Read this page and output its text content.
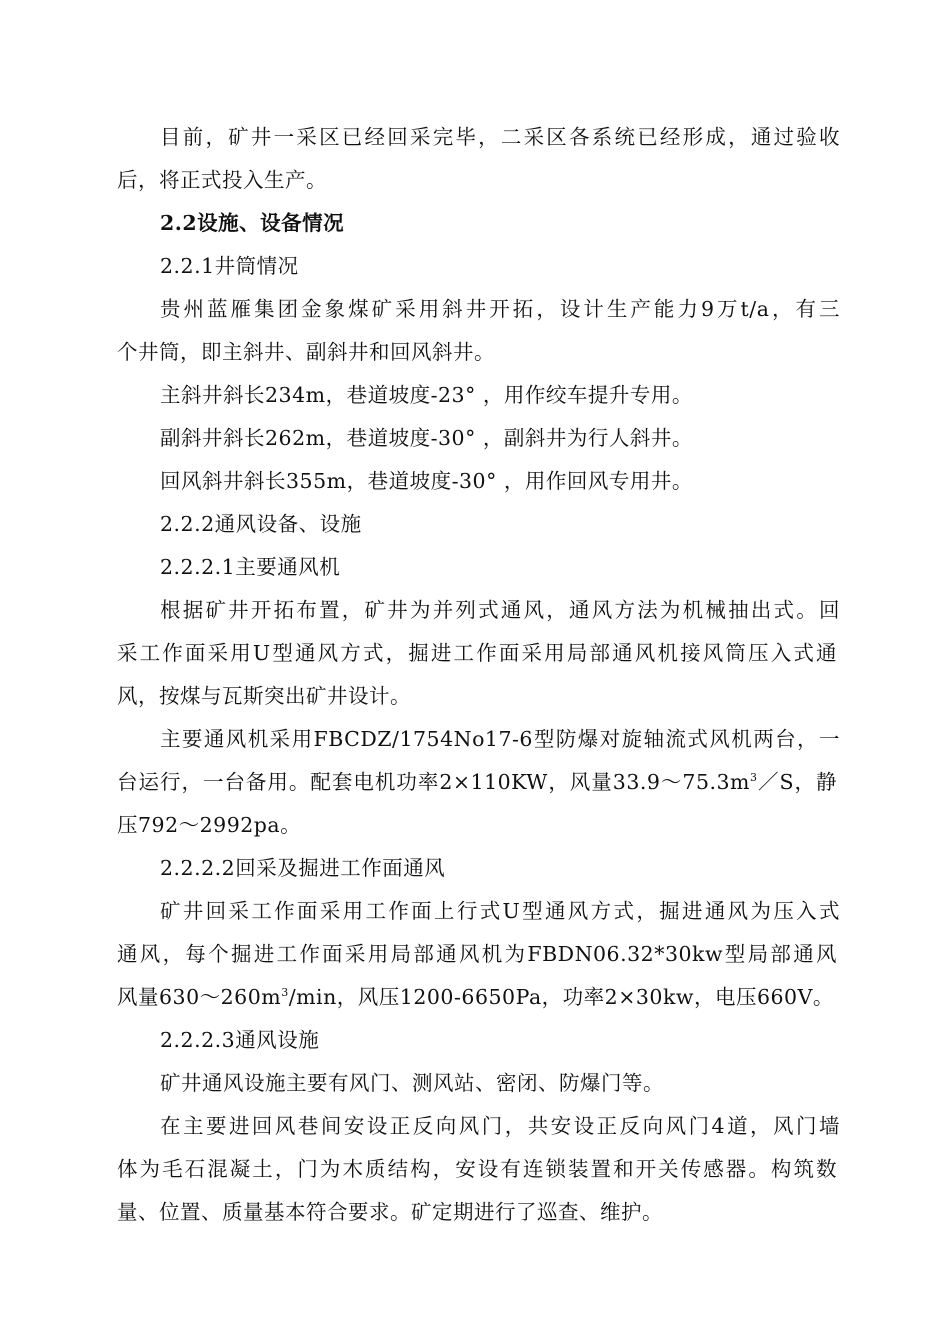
目前，矿井一采区已经回采完毕，二采区各系统已经形成，通过验收
后，将正式投入生产。
2.2设施、设备情况
2.2.1井筒情况
贵州蓝雁集团金象煤矿采用斜井开拓，设计生产能力9万t/a，有三
个井筒，即主斜井、副斜井和回风斜井。
主斜井斜长234m，巷道坡度-23° ，用作绞车提升专用。
副斜井斜长262m，巷道坡度-30° ，副斜井为行人斜井。
回风斜井斜长355m，巷道坡度-30° ，用作回风专用井。
2.2.2通风设备、设施
2.2.2.1主要通风机
根据矿井开拓布置，矿井为并列式通风，通风方法为机械抽出式。回
采工作面采用U型通风方式，掘进工作面采用局部通风机接风筒压入式通
风，按煤与瓦斯突出矿井设计。
主要通风机采用FBCDZ/1754No17-6型防爆对旋轴流式风机两台，一
台运行，一台备用。配套电机功率2×110KW，风量$33.9\sim 75.3m^3/S$，静
压792～2992pa。
2.2.2.2回采及掘进工作面通风
矿井回采工作面采用工作面上行式U型通风方式，掘进通风为压入式
通风，每个掘进工作面采用局部通风机为FBDN06.32*30kw型局部通风
风量$630\sim 260m^3/\min$，风压1200-6650Pa，功率2×30kw，电压660V。
2.2.2.3通风设施
矿井通风设施主要有风门、测风站、密闭、防爆门等。
在主要进回风巷间安设正反向风门，共安设正反向风门4道，风门墙
体为毛石混凝土，门为木质结构，安设有连锁装置和开关传感器。构筑数
量、位置、质量基本符合要求。矿定期进行了巡查、维护。
